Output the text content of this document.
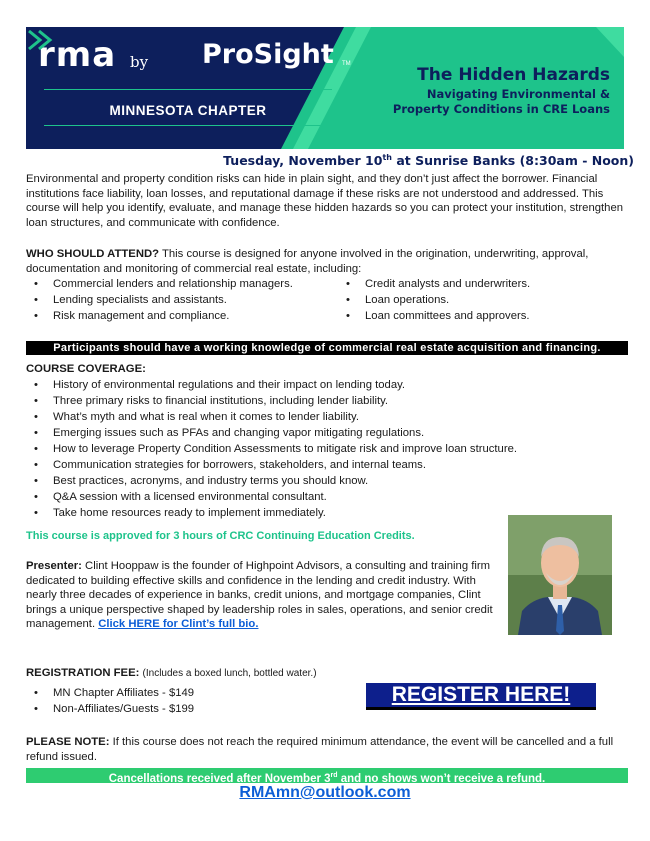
rma by ProSight TM
MINNESOTA CHAPTER
The Hidden Hazards
Navigating Environmental &
Property Conditions in CRE Loans
Tuesday, November 10th at Sunrise Banks (8:30am - Noon)
Environmental and property condition risks can hide in plain sight, and they don’t just affect the borrower. Financial institutions face liability, loan losses, and reputational damage if these risks are not understood and addressed. This course will help you identify, evaluate, and manage these hidden hazards so you can protect your institution, strengthen loan structures, and communicate with confidence.
WHO SHOULD ATTEND? This course is designed for anyone involved in the origination, underwriting, approval, documentation and monitoring of commercial real estate, including:
• Commercial lenders and relationship managers.
• Lending specialists and assistants.
• Risk management and compliance.
• Credit analysts and underwriters.
• Loan operations.
• Loan committees and approvers.
Participants should have a working knowledge of commercial real estate acquisition and financing.
COURSE COVERAGE:
• History of environmental regulations and their impact on lending today.
• Three primary risks to financial institutions, including lender liability.
• What’s myth and what is real when it comes to lender liability.
• Emerging issues such as PFAs and changing vapor mitigating regulations.
• How to leverage Property Condition Assessments to mitigate risk and improve loan structure.
• Communication strategies for borrowers, stakeholders, and internal teams.
• Best practices, acronyms, and industry terms you should know.
• Q&A session with a licensed environmental consultant.
• Take home resources ready to implement immediately.
This course is approved for 3 hours of CRC Continuing Education Credits.
Presenter: Clint Hooppaw is the founder of Highpoint Advisors, a consulting and training firm dedicated to building effective skills and confidence in the lending and credit industry. With nearly three decades of experience in banks, credit unions, and mortgage companies, Clint brings a unique perspective shaped by leadership roles in sales, operations, and senior credit management. Click HERE for Clint’s full bio.
REGISTRATION FEE: (Includes a boxed lunch, bottled water.)
• MN Chapter Affiliates - $149
• Non-Affiliates/Guests - $199
REGISTER HERE!
PLEASE NOTE: If this course does not reach the required minimum attendance, the event will be cancelled and a full refund issued.
Cancellations received after November 3rd and no shows won’t receive a refund.
RMAmn@outlook.com
